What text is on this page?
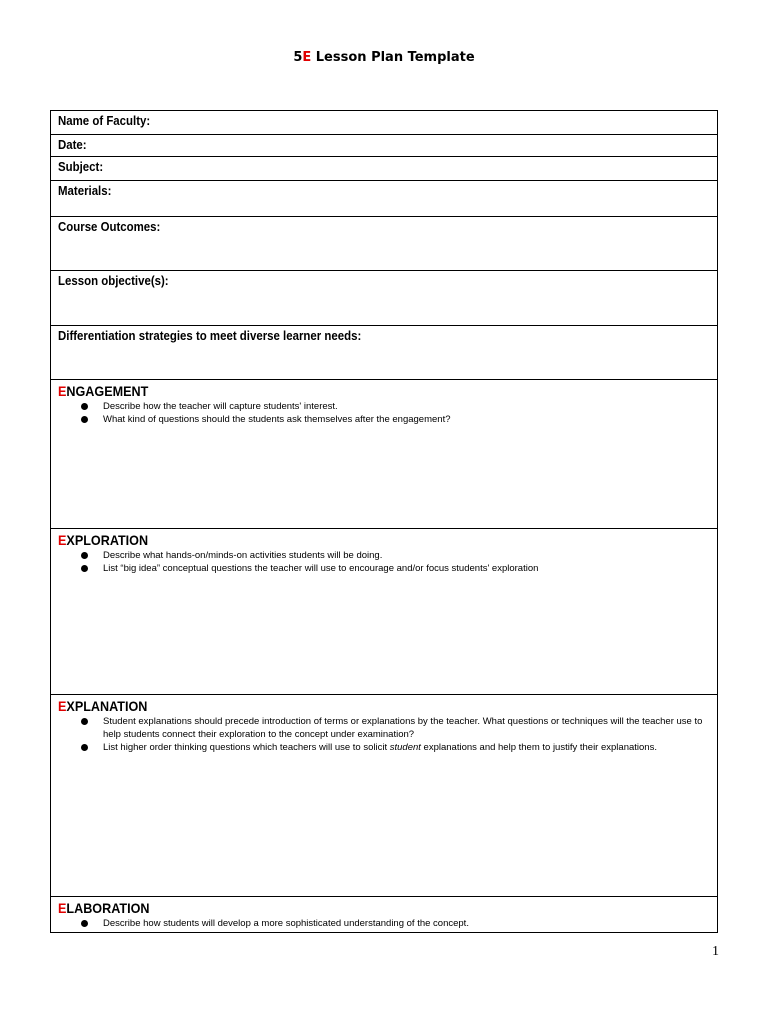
5E Lesson Plan Template
Name of Faculty:
Date:
Subject:
Materials:
Course Outcomes:
Lesson objective(s):
Differentiation strategies to meet diverse learner needs:
ENGAGEMENT
Describe how the teacher will capture students' interest.
What kind of questions should the students ask themselves after the engagement?

EXPLORATION
Describe what hands-on/minds-on activities students will be doing.
List “big idea” conceptual questions the teacher will use to encourage and/or focus students' exploration

EXPLANATION
Student explanations should precede introduction of terms or explanations by the teacher. What questions or techniques will the teacher use to help students connect their exploration to the concept under examination?
List higher order thinking questions which teachers will use to solicit student explanations and help them to justify their explanations.

ELABORATION
Describe how students will develop a more sophisticated understanding of the concept.
1
